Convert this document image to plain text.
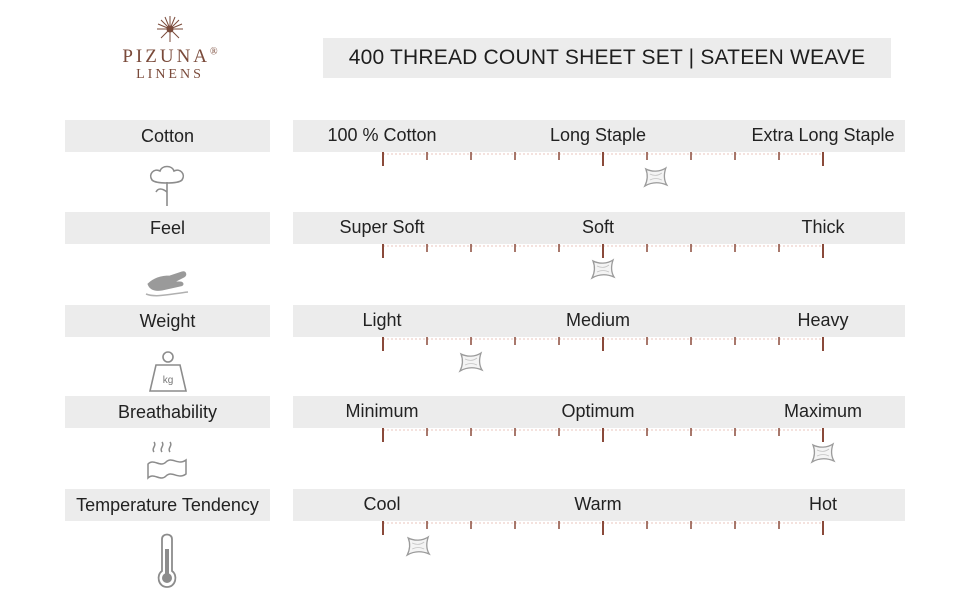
PIZUNA®
LINENS
400 THREAD COUNT SHEET SET | SATEEN WEAVE
Cotton	100 % Cotton	Long Staple	Extra Long Staple
Feel	Super Soft	Soft	Thick
Weight	Light	Medium	Heavy
kg
Breathability	Minimum	Optimum	Maximum
Temperature Tendency	Cool	Warm	Hot
